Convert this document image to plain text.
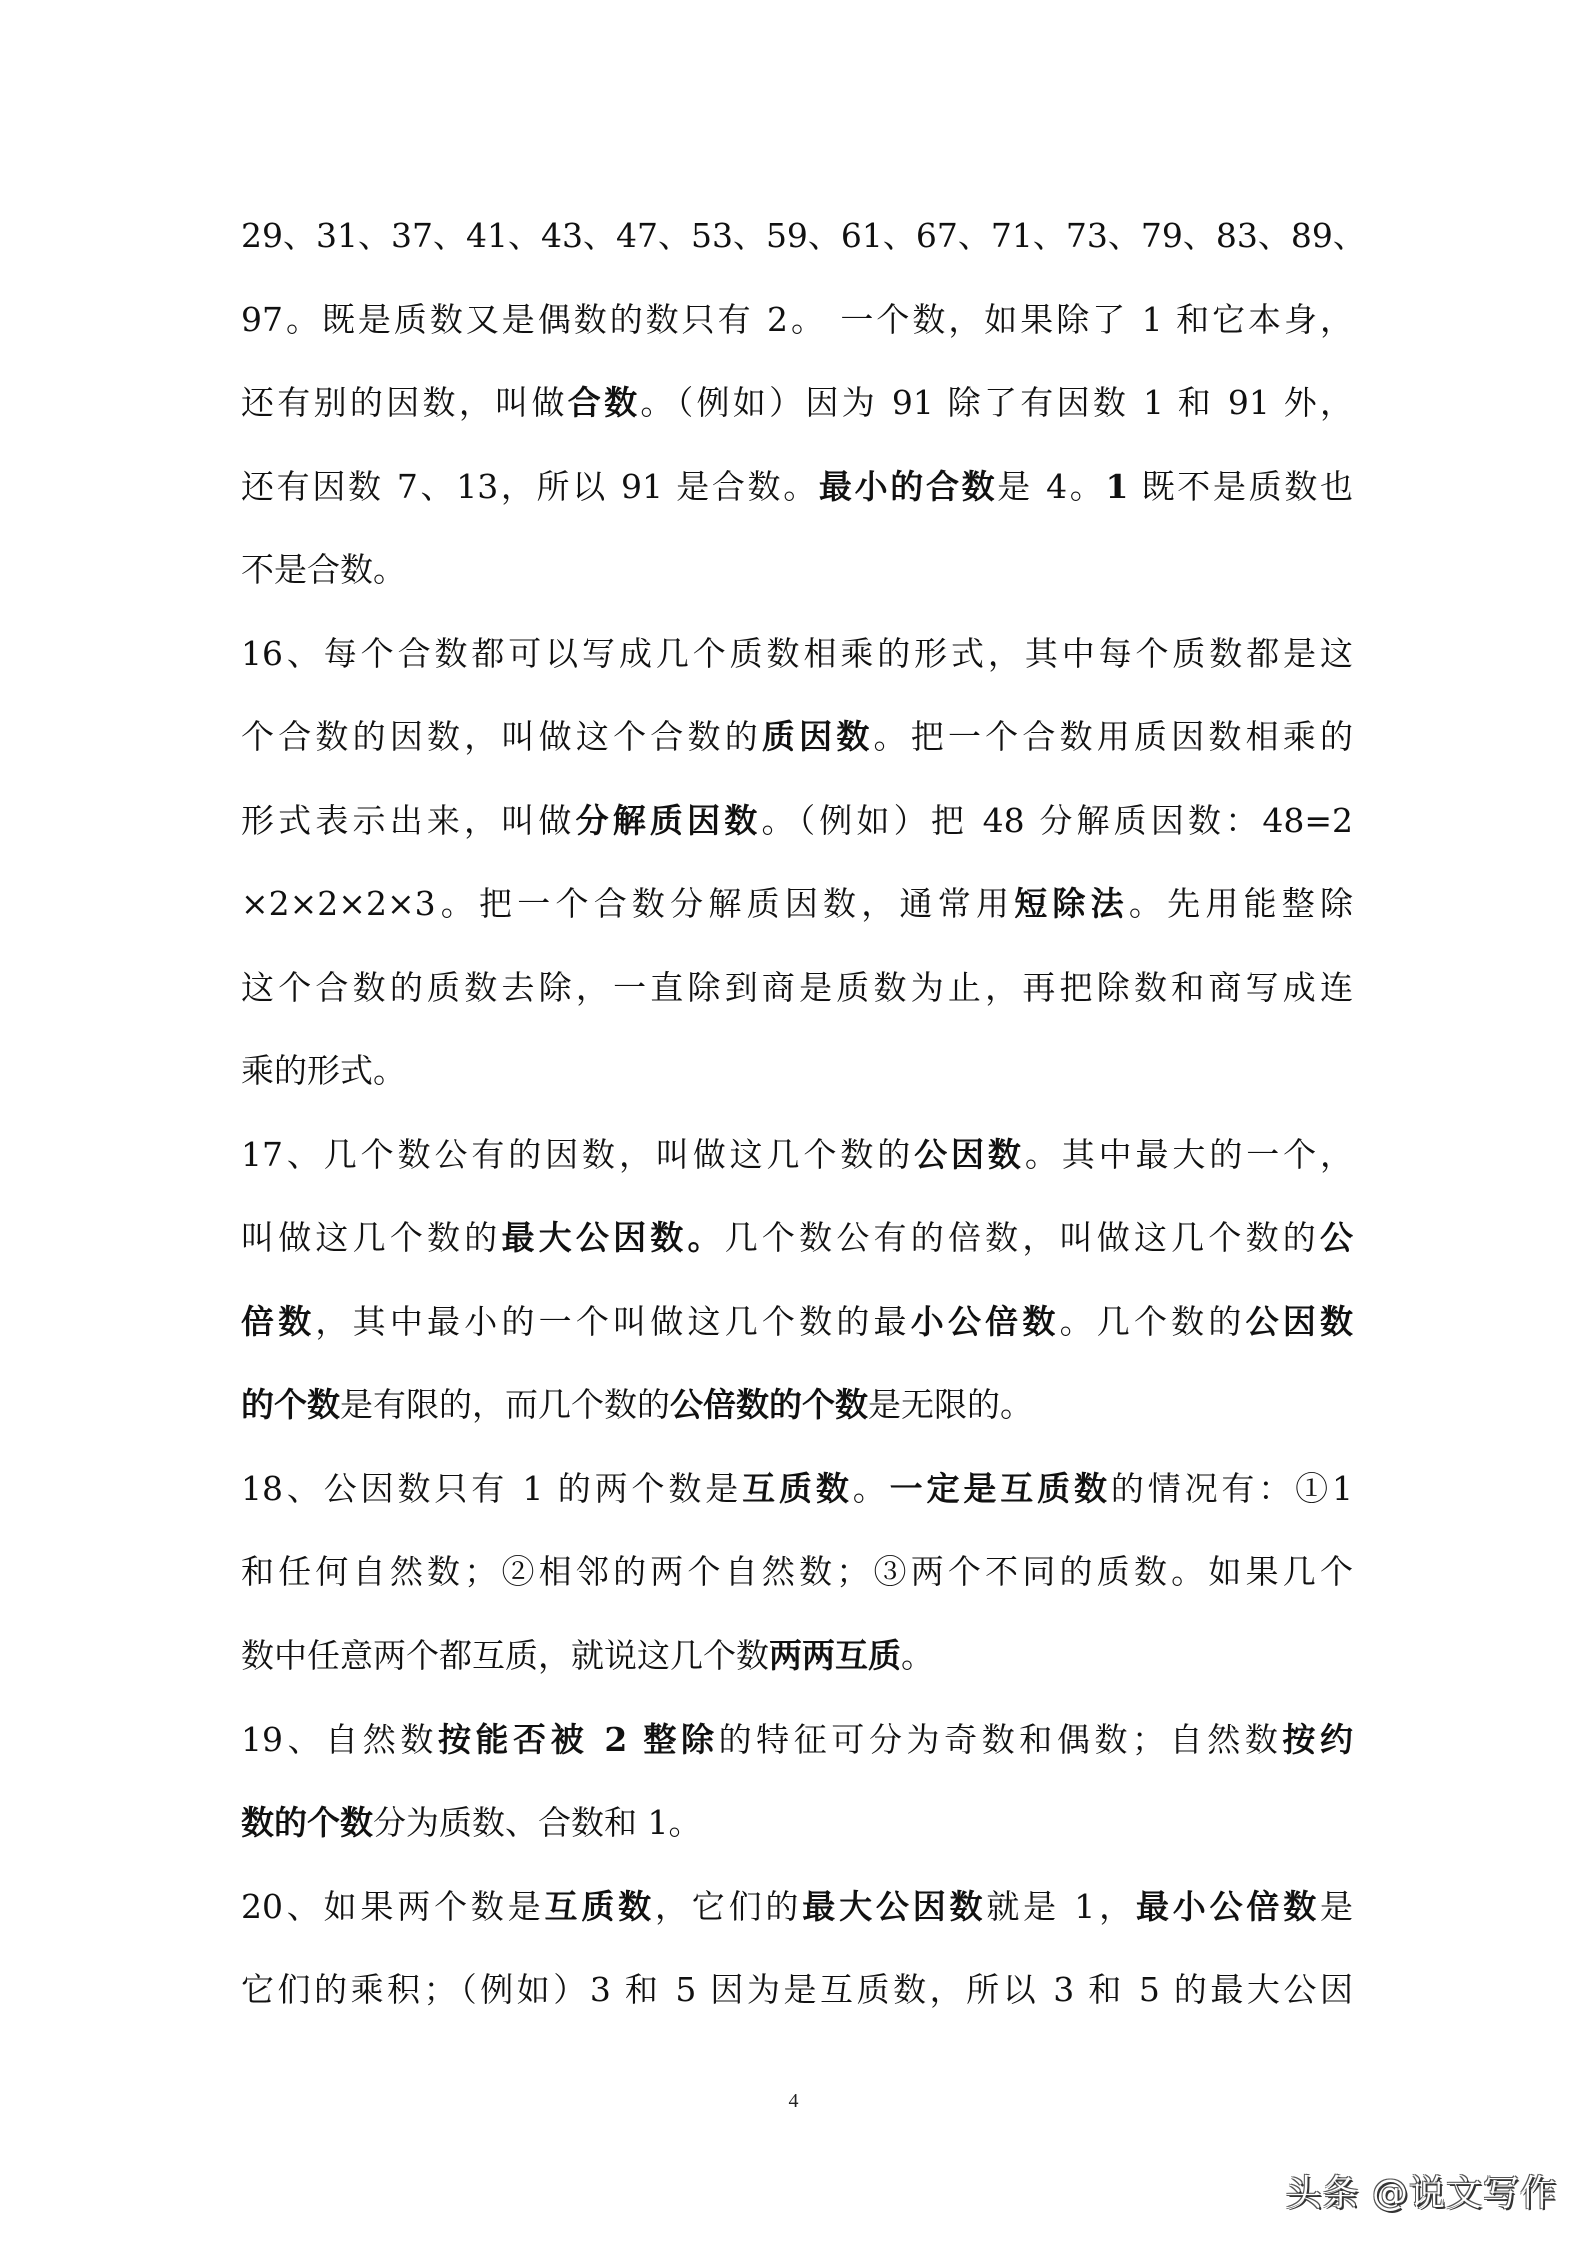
29、31、37、41、43、47、53、59、61、67、71、73、79、83、89、
97。既是质数又是偶数的数只有 2。 一个数，如果除了 1 和它本身，
还有别的因数，叫做合数。（例如）因为 91 除了有因数 1 和 91 外，
还有因数 7、13，所以 91 是合数。最小的合数是 4。1 既不是质数也
不是合数。
16、每个合数都可以写成几个质数相乘的形式，其中每个质数都是这
个合数的因数，叫做这个合数的质因数。把一个合数用质因数相乘的
形式表示出来，叫做分解质因数。（例如）把 48 分解质因数：48=2
×2×2×2×3。把一个合数分解质因数，通常用短除法。先用能整除
这个合数的质数去除，一直除到商是质数为止，再把除数和商写成连
乘的形式。
17、几个数公有的因数，叫做这几个数的公因数。其中最大的一个，
叫做这几个数的最大公因数。几个数公有的倍数，叫做这几个数的公
倍数，其中最小的一个叫做这几个数的最小公倍数。几个数的公因数
的个数是有限的，而几个数的公倍数的个数是无限的。
18、公因数只有 1 的两个数是互质数。一定是互质数的情况有：①1
和任何自然数；②相邻的两个自然数；③两个不同的质数。如果几个
数中任意两个都互质，就说这几个数两两互质。
19、自然数按能否被 2 整除的特征可分为奇数和偶数；自然数按约
数的个数分为质数、合数和 1。
20、如果两个数是互质数，它们的最大公因数就是 1，最小公倍数是
它们的乘积；（例如）3 和 5 因为是互质数，所以 3 和 5 的最大公因
4
头条 @说文写作
